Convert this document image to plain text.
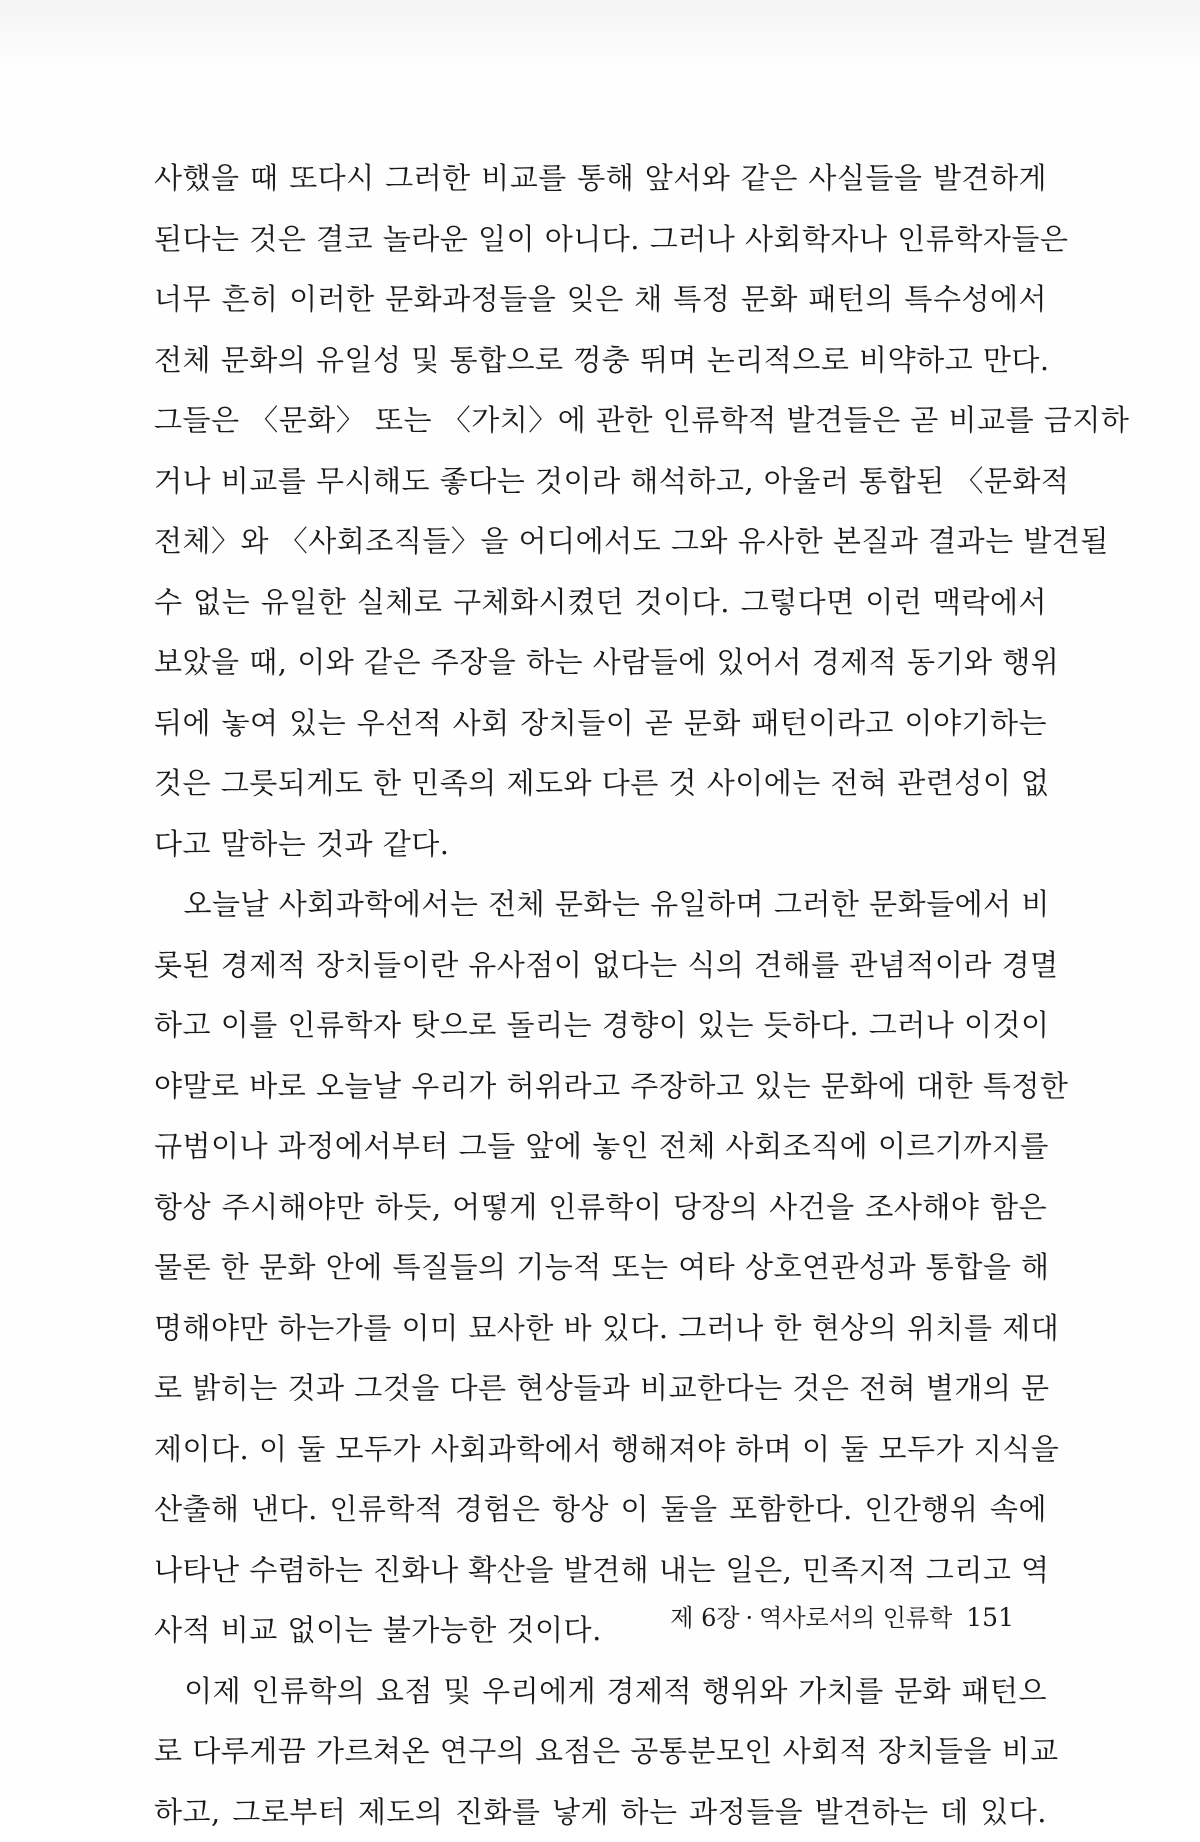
사했을 때 또다시 그러한 비교를 통해 앞서와 같은 사실들을 발견하게
된다는 것은 결코 놀라운 일이 아니다. 그러나 사회학자나 인류학자들은
너무 흔히 이러한 문화과정들을 잊은 채 특정 문화 패턴의 특수성에서
전체 문화의 유일성 및 통합으로 껑충 뛰며 논리적으로 비약하고 만다.
그들은 〈문화〉 또는 〈가치〉에 관한 인류학적 발견들은 곧 비교를 금지하
거나 비교를 무시해도 좋다는 것이라 해석하고, 아울러 통합된 〈문화적
전체〉와 〈사회조직들〉을 어디에서도 그와 유사한 본질과 결과는 발견될
수 없는 유일한 실체로 구체화시켰던 것이다. 그렇다면 이런 맥락에서
보았을 때, 이와 같은 주장을 하는 사람들에 있어서 경제적 동기와 행위
뒤에 놓여 있는 우선적 사회 장치들이 곧 문화 패턴이라고 이야기하는
것은 그릇되게도 한 민족의 제도와 다른 것 사이에는 전혀 관련성이 없
다고 말하는 것과 같다.
　오늘날 사회과학에서는 전체 문화는 유일하며 그러한 문화들에서 비
롯된 경제적 장치들이란 유사점이 없다는 식의 견해를 관념적이라 경멸
하고 이를 인류학자 탓으로 돌리는 경향이 있는 듯하다. 그러나 이것이
야말로 바로 오늘날 우리가 허위라고 주장하고 있는 문화에 대한 특정한
규범이나 과정에서부터 그들 앞에 놓인 전체 사회조직에 이르기까지를
항상 주시해야만 하듯, 어떻게 인류학이 당장의 사건을 조사해야 함은
물론 한 문화 안에 특질들의 기능적 또는 여타 상호연관성과 통합을 해
명해야만 하는가를 이미 묘사한 바 있다. 그러나 한 현상의 위치를 제대
로 밝히는 것과 그것을 다른 현상들과 비교한다는 것은 전혀 별개의 문
제이다. 이 둘 모두가 사회과학에서 행해져야 하며 이 둘 모두가 지식을
산출해 낸다. 인류학적 경험은 항상 이 둘을 포함한다. 인간행위 속에
나타난 수렴하는 진화나 확산을 발견해 내는 일은, 민족지적 그리고 역
사적 비교 없이는 불가능한 것이다.
　이제 인류학의 요점 및 우리에게 경제적 행위와 가치를 문화 패턴으
로 다루게끔 가르쳐온 연구의 요점은 공통분모인 사회적 장치들을 비교
하고, 그로부터 제도의 진화를 낳게 하는 과정들을 발견하는 데 있다.
제 6장 · 역사로서의 인류학 151
